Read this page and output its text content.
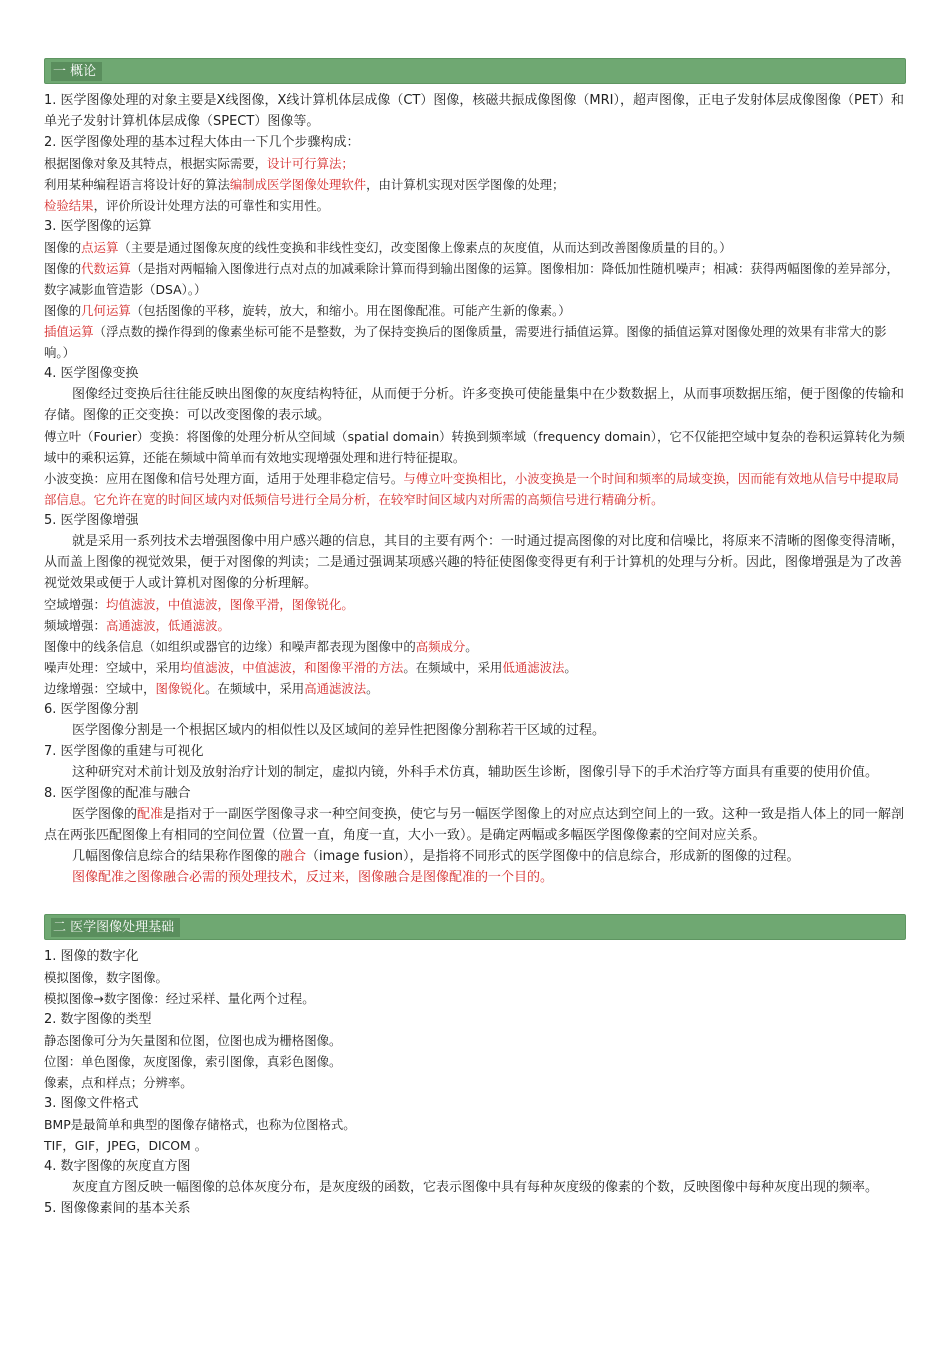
一 概论
1. 医学图像处理的对象主要是X线图像，X线计算机体层成像（CT）图像，核磁共振成像图像（MRI），超声图像，正电子发射体层成像图像（PET）和单光子发射计算机体层成像（SPECT）图像等。
2. 医学图像处理的基本过程大体由一下几个步骤构成：
根据图像对象及其特点，根据实际需要，设计可行算法；
利用某种编程语言将设计好的算法编制成医学图像处理软件，由计算机实现对医学图像的处理；
检验结果，评价所设计处理方法的可靠性和实用性。
3. 医学图像的运算
图像的点运算（主要是通过图像灰度的线性变换和非线性变幻，改变图像上像素点的灰度值，从而达到改善图像质量的目的。）
图像的代数运算（是指对两幅输入图像进行点对点的加减乘除计算而得到输出图像的运算。图像相加：降低加性随机噪声；相减：获得两幅图像的差异部分，数字减影血管造影（DSA）。）
图像的几何运算（包括图像的平移，旋转，放大，和缩小。用在图像配准。可能产生新的像素。）
插值运算（浮点数的操作得到的像素坐标可能不是整数，为了保持变换后的图像质量，需要进行插值运算。图像的插值运算对图像处理的效果有非常大的影响。）
4. 医学图像变换
图像经过变换后往往能反映出图像的灰度结构特征，从而便于分析。许多变换可使能量集中在少数数据上，从而事项数据压缩，便于图像的传输和存储。图像的正交变换：可以改变图像的表示域。
傅立叶（Fourier）变换：将图像的处理分析从空间域（spatial domain）转换到频率域（frequency domain），它不仅能把空域中复杂的卷积运算转化为频域中的乘积运算，还能在频域中简单而有效地实现增强处理和进行特征提取。
小波变换：应用在图像和信号处理方面，适用于处理非稳定信号。与傅立叶变换相比，小波变换是一个时间和频率的局域变换，因而能有效地从信号中提取局部信息。它允许在宽的时间区域内对低频信号进行全局分析，在较窄时间区域内对所需的高频信号进行精确分析。
5. 医学图像增强
就是采用一系列技术去增强图像中用户感兴趣的信息，其目的主要有两个：一时通过提高图像的对比度和信噪比，将原来不清晰的图像变得清晰，从而盖上图像的视觉效果，便于对图像的判读；二是通过强调某项感兴趣的特征使图像变得更有利于计算机的处理与分析。因此，图像增强是为了改善视觉效果或便于人或计算机对图像的分析理解。
空域增强：均值滤波，中值滤波，图像平滑，图像锐化。
频域增强：高通滤波，低通滤波。
图像中的线条信息（如组织或器官的边缘）和噪声都表现为图像中的高频成分。
噪声处理：空域中，采用均值滤波，中值滤波，和图像平滑的方法。在频域中，采用低通滤波法。
边缘增强：空域中，图像锐化。在频域中，采用高通滤波法。
6. 医学图像分割
医学图像分割是一个根据区域内的相似性以及区域间的差异性把图像分割称若干区域的过程。
7. 医学图像的重建与可视化
这种研究对术前计划及放射治疗计划的制定，虚拟内镜，外科手术仿真，辅助医生诊断，图像引导下的手术治疗等方面具有重要的使用价值。
8. 医学图像的配准与融合
医学图像的配准是指对于一副医学图像寻求一种空间变换，使它与另一幅医学图像上的对应点达到空间上的一致。这种一致是指人体上的同一解剖点在两张匹配图像上有相同的空间位置（位置一直，角度一直，大小一致）。是确定两幅或多幅医学图像像素的空间对应关系。
几幅图像信息综合的结果称作图像的融合（image fusion），是指将不同形式的医学图像中的信息综合，形成新的图像的过程。
图像配准之图像融合必需的预处理技术，反过来，图像融合是图像配准的一个目的。
二 医学图像处理基础
1. 图像的数字化
模拟图像，数字图像。
模拟图像→数字图像：经过采样、量化两个过程。
2. 数字图像的类型
静态图像可分为矢量图和位图，位图也成为栅格图像。
位图：单色图像，灰度图像，索引图像，真彩色图像。
像素，点和样点；分辨率。
3. 图像文件格式
BMP是最简单和典型的图像存储格式，也称为位图格式。
TIF，GIF，JPEG，DICOM 。
4. 数字图像的灰度直方图
灰度直方图反映一幅图像的总体灰度分布，是灰度级的函数，它表示图像中具有每种灰度级的像素的个数，反映图像中每种灰度出现的频率。
5. 图像像素间的基本关系
